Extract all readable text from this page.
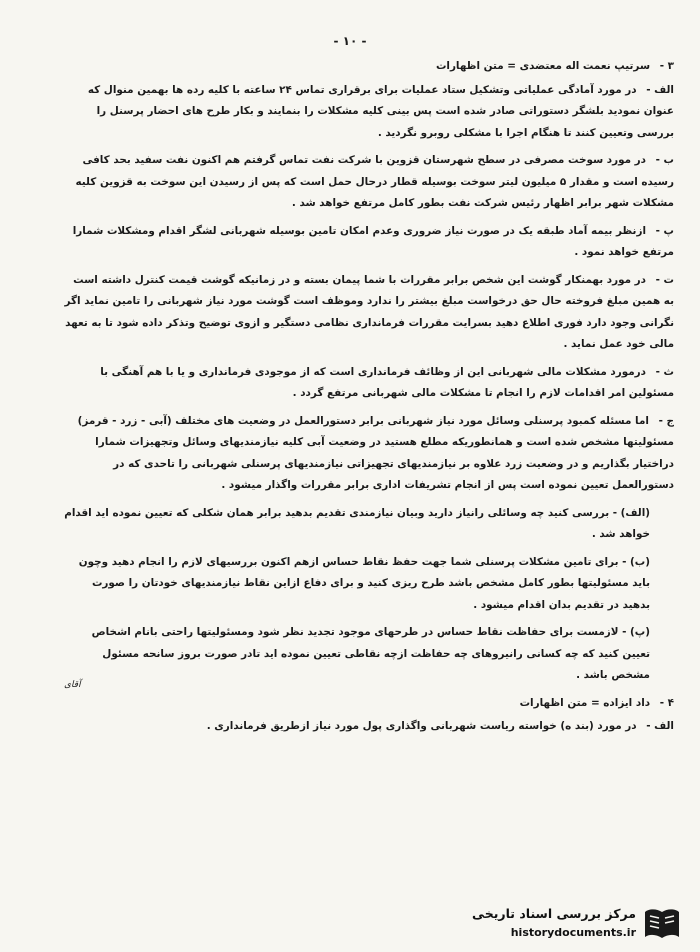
- ۱۰ -
۳ - سرتیپ نعمت اله معتضدی = متن اظهارات
الف - در مورد آمادگی عملیاتی وتشکیل ستاد عملیات برای برقراری تماس ۲۴ ساعته با کلیه رده ها بهمین منوال که عنوان نمودید بلشگر دستوراتی صادر شده است پس بینی کلیه مشکلات را بنمایند و بکار طرح های احضار پرسنل را بررسی وتعیین کنند تا هنگام اجرا با مشکلی روبرو نگردید .
ب - در مورد سوخت مصرفی در سطح شهرستان قزوین با شرکت نفت تماس گرفتم هم اکنون نفت سفید بحد کافی رسیده است و مقدار ۵ میلیون لیتر سوخت بوسیله قطار درحال حمل است که پس از رسیدن این سوخت به قزوین کلیه مشکلات شهر برابر اظهار رئیس شرکت نفت بطور کامل مرتفع خواهد شد .
پ - ازنظر بیمه آماد طبقه یک در صورت نیاز ضروری وعدم امکان تامین بوسیله شهربانی لشگر اقدام ومشکلات شمارا مرتفع خواهد نمود .
ت - در مورد بهمنکار گوشت این شخص برابر مقررات با شما پیمان بسته و در زمانیکه گوشت قیمت کنترل داشته است به همین مبلغ فروخته حال حق درخواست مبلغ بیشتر را ندارد وموظف است گوشت مورد نیاز شهربانی را تامین نماید اگر نگرانی وجود دارد فوری اطلاع دهید بسرایت مقررات فرمانداری نظامی دستگیر و ازوی توضیح وتذکر داده شود تا به تعهد مالی خود عمل نماید .
ث - درمورد مشکلات مالی شهربانی این از وظائف فرمانداری است که از موجودی فرمانداری و یا با هم آهنگی با مسئولین امر اقدامات لازم را انجام تا مشکلات مالی شهربانی مرتفع گردد .
ج - اما مسئله کمبود پرسنلی وسائل مورد نیاز شهربانی برابر دستورالعمل در وضعیت های مختلف (آبی - زرد - قرمز) مسئولیتها مشخص شده است و همانطوریکه مطلع هستید در وضعیت آبی کلیه نیازمندیهای وسائل وتجهیزات شمارا دراختیار بگذاریم و در وضعیت زرد علاوه بر نیازمندیهای تجهیزاتی نیازمندیهای پرسنلی شهربانی را تاحدی که در دستورالعمل تعیین نموده است پس از انجام تشریفات اداری برابر مقررات واگذار میشود .
(الف) - بررسی کنید چه وسائلی رانیاز دارید وبیان نیازمندی تقدیم بدهید برابر همان شکلی که تعیین نموده اید اقدام خواهد شد .
(ب) - برای تامین مشکلات پرسنلی شما جهت حفظ نقاط حساس ازهم اکنون بررسیهای لازم را انجام دهید وچون باید مسئولیتها بطور کامل مشخص باشد طرح ریزی کنید و برای دفاع ازاین نقاط نیازمندیهای خودتان را صورت بدهید در تقدیم بدان اقدام میشود .
(پ) - لازمست برای حفاظت نقاط حساس در طرحهای موجود تجدید نظر شود ومسئولیتها راحتی بانام اشخاص تعیین کنید که چه کسانی رانیروهای چه حفاظت ازچه نقاطی تعیین نموده اید تادر صورت بروز سانحه مسئول مشخص باشد .
آقای
۴ - داد ایزاده = متن اظهارات
الف - در مورد (بند ه) خواسته ریاست شهربانی واگذاری پول مورد نیاز ازطریق فرمانداری .
مرکز بررسی اسناد تاریخی
historydocuments.ir
